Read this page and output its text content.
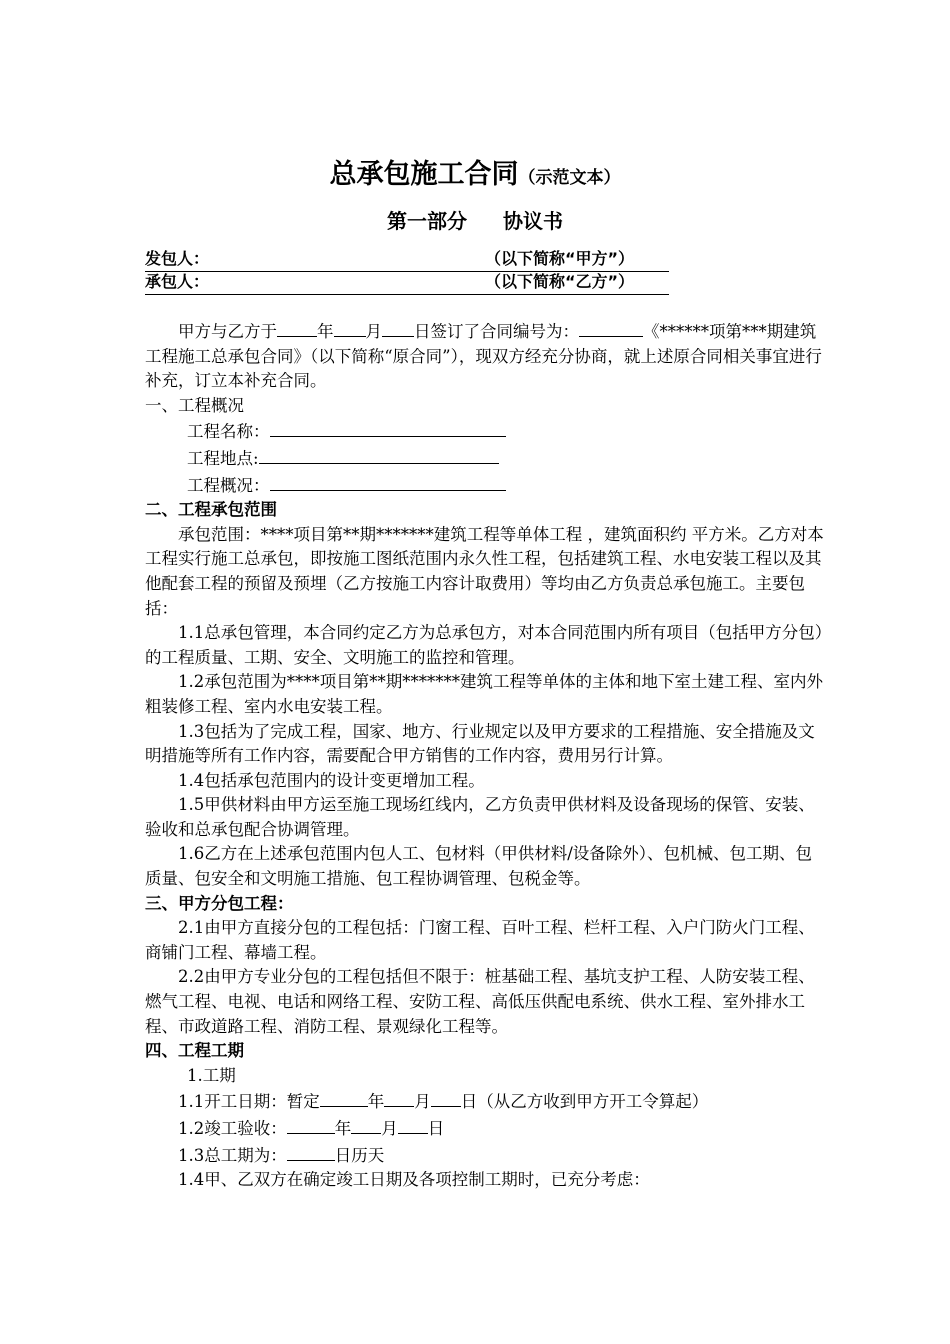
总承包施工合同（示范文本）
第一部分 协议书
发包人：	（以下简称“甲方”）
承包人：	（以下简称“乙方”）

甲方与乙方于 年 月 日签订了合同编号为：	《******项第***期建筑工程施工总承包合同》（以下简称“原合同”），现双方经充分协商，就上述原合同相关事宜进行补充，订立本补充合同。

一、工程概况

工程名称：

工程地点:

工程概况：

二、工程承包范围

承包范围：****项目第**期*******建筑工程等单体工程 ，建筑面积约 平方米。乙方对本工程实行施工总承包，即按施工图纸范围内永久性工程，包括建筑工程、水电安装工程以及其他配套工程的预留及预埋（乙方按施工内容计取费用）等均由乙方负责总承包施工。主要包括：

1.1总承包管理，本合同约定乙方为总承包方，对本合同范围内所有项目（包括甲方分包）的工程质量、工期、安全、文明施工的监控和管理。

1.2承包范围为****项目第**期*******建筑工程等单体的主体和地下室土建工程、室内外粗装修工程、室内水电安装工程。

1.3包括为了完成工程，国家、地方、行业规定以及甲方要求的工程措施、安全措施及文明措施等所有工作内容，需要配合甲方销售的工作内容，费用另行计算。

1.4包括承包范围内的设计变更增加工程。

1.5甲供材料由甲方运至施工现场红线内，乙方负责甲供材料及设备现场的保管、安装、验收和总承包配合协调管理。

1.6乙方在上述承包范围内包人工、包材料（甲供材料/设备除外）、包机械、包工期、包质量、包安全和文明施工措施、包工程协调管理、包税金等。

三、甲方分包工程：

2.1由甲方直接分包的工程包括：门窗工程、百叶工程、栏杆工程、入户门防火门工程、商铺门工程、幕墙工程。

2.2由甲方专业分包的工程包括但不限于：桩基础工程、基坑支护工程、人防安装工程、燃气工程、电视、电话和网络工程、安防工程、高低压供配电系统、供水工程、室外排水工程、市政道路工程、消防工程、景观绿化工程等。

四、工程工期

1.工期

1.1开工日期：暂定	年 月 日（从乙方收到甲方开工令算起）

1.2竣工验收：	年 月 日

1.3总工期为：	日历天

1.4甲、乙双方在确定竣工日期及各项控制工期时，已充分考虑：
